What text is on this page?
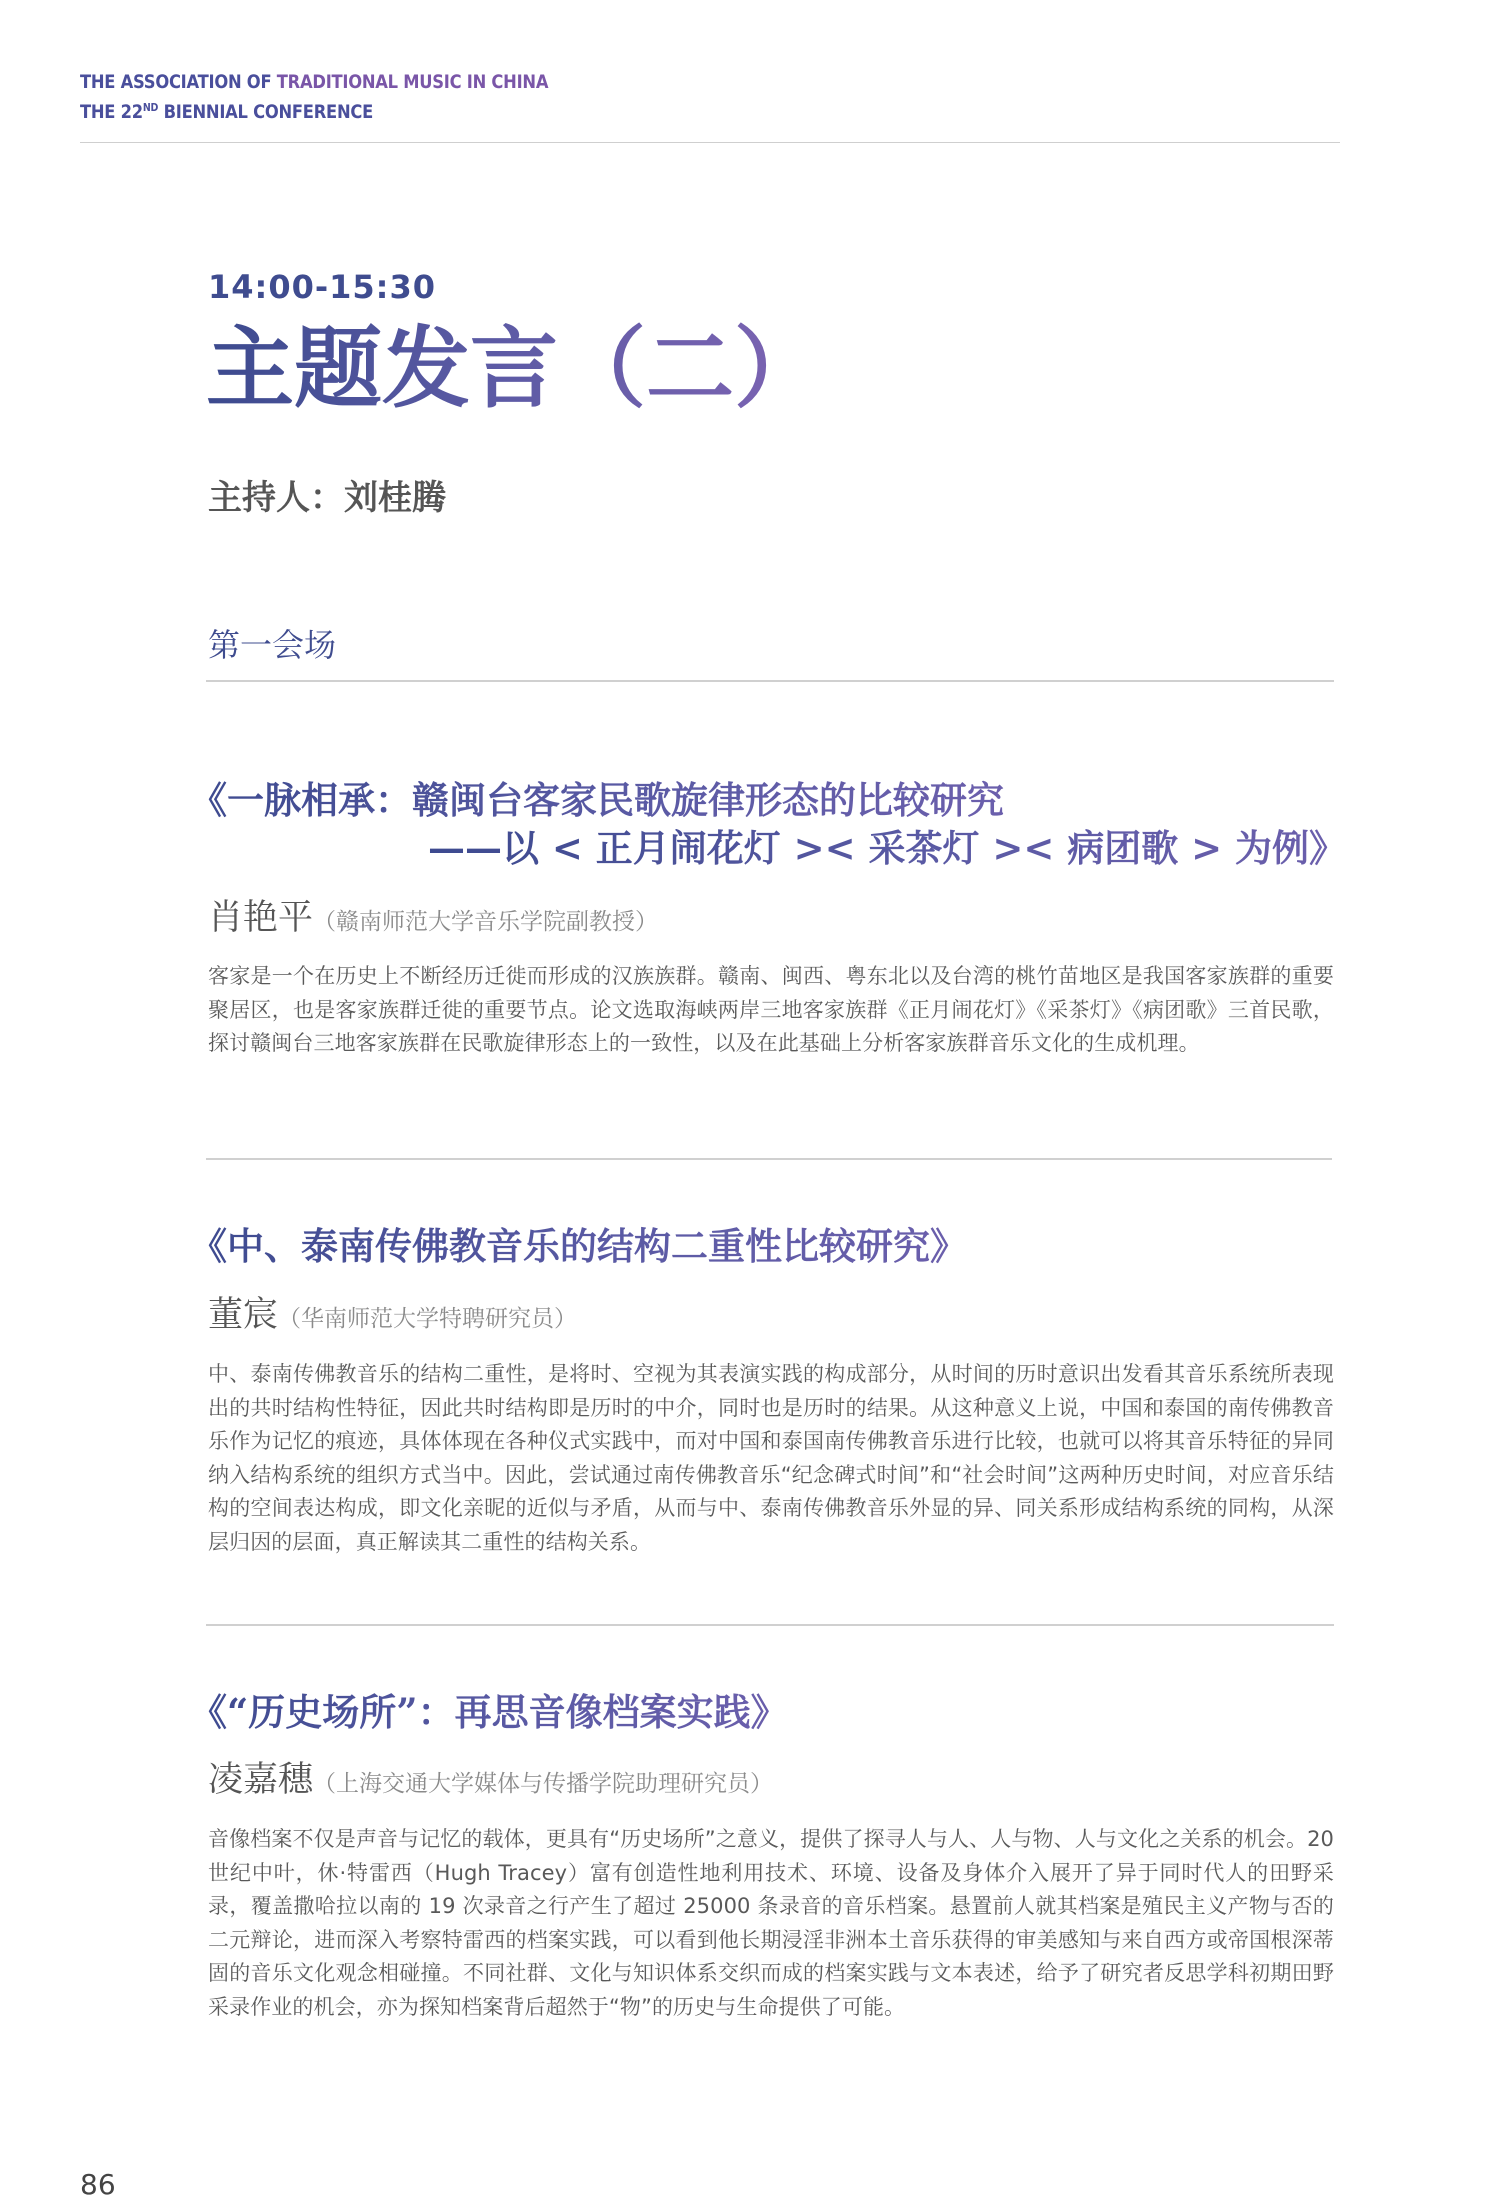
THE ASSOCIATION OF TRADITIONAL MUSIC IN CHINA
THE 22ND BIENNIAL CONFERENCE
14:00-15:30
主题发言（二）
主持人：刘桂腾
第一会场
《一脉相承：赣闽台客家民歌旋律形态的比较研究
——以 < 正月闹花灯 >< 采茶灯 >< 病团歌 > 为例》
肖艳平（赣南师范大学音乐学院副教授）
客家是一个在历史上不断经历迁徙而形成的汉族族群。赣南、闽西、粤东北以及台湾的桃竹苗地区是我国客家族群的重要聚居区，也是客家族群迁徙的重要节点。论文选取海峡两岸三地客家族群《正月闹花灯》《采茶灯》《病团歌》三首民歌，探讨赣闽台三地客家族群在民歌旋律形态上的一致性，以及在此基础上分析客家族群音乐文化的生成机理。
《中、泰南传佛教音乐的结构二重性比较研究》
董宸（华南师范大学特聘研究员）
中、泰南传佛教音乐的结构二重性，是将时、空视为其表演实践的构成部分，从时间的历时意识出发看其音乐系统所表现出的共时结构性特征，因此共时结构即是历时的中介，同时也是历时的结果。从这种意义上说，中国和泰国的南传佛教音乐作为记忆的痕迹，具体体现在各种仪式实践中，而对中国和泰国南传佛教音乐进行比较，也就可以将其音乐特征的异同纳入结构系统的组织方式当中。因此，尝试通过南传佛教音乐“纪念碑式时间”和“社会时间”这两种历史时间，对应音乐结构的空间表达构成，即文化亲昵的近似与矛盾，从而与中、泰南传佛教音乐外显的异、同关系形成结构系统的同构，从深层归因的层面，真正解读其二重性的结构关系。
《“历史场所”：再思音像档案实践》
凌嘉穗（上海交通大学媒体与传播学院助理研究员）
音像档案不仅是声音与记忆的载体，更具有“历史场所”之意义，提供了探寻人与人、人与物、人与文化之关系的机会。20 世纪中叶，休·特雷西（Hugh Tracey）富有创造性地利用技术、环境、设备及身体介入展开了异于同时代人的田野采录，覆盖撒哈拉以南的 19 次录音之行产生了超过 25000 条录音的音乐档案。悬置前人就其档案是殖民主义产物与否的二元辩论，进而深入考察特雷西的档案实践，可以看到他长期浸淫非洲本土音乐获得的审美感知与来自西方或帝国根深蒂固的音乐文化观念相碰撞。不同社群、文化与知识体系交织而成的档案实践与文本表述，给予了研究者反思学科初期田野采录作业的机会，亦为探知档案背后超然于“物”的历史与生命提供了可能。
86
